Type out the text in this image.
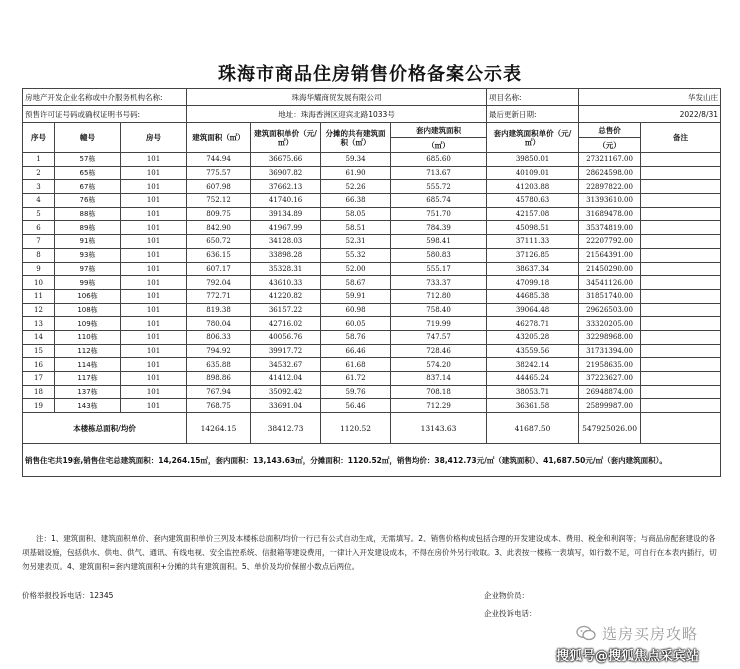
珠海市商品住房销售价格备案公示表
房地产开发企业名称或中介服务机构名称:			珠海华耀商贸发展有限公司				项目名称:	华发山庄	
预售许可证号码或确权证明书号码:			地址：珠海香洲区迎宾北路1033号				最后更新日期:	2022/8/31	
序号	幢号	房号	建筑面积（㎡）	建筑面积单价（元/㎡）	分摊的共有建筑面积（㎡）	套内建筑面积	套内建筑面积单价（元/㎡）	总售价	备注
						（㎡）		（元）	
1	57栋	101	744.94	36675.66	59.34	685.60	39850.01	27321167.00	
2	65栋	101	775.57	36907.82	61.90	713.67	40109.01	28624598.00	
3	67栋	101	607.98	37662.13	52.26	555.72	41203.88	22897822.00	
4	76栋	101	752.12	41740.16	66.38	685.74	45780.63	31393610.00	
5	88栋	101	809.75	39134.89	58.05	751.70	42157.08	31689478.00	
6	89栋	101	842.90	41967.99	58.51	784.39	45098.51	35374819.00	
7	91栋	101	650.72	34128.03	52.31	598.41	37111.33	22207792.00	
8	93栋	101	636.15	33898.28	55.32	580.83	37126.85	21564391.00	
9	97栋	101	607.17	35328.31	52.00	555.17	38637.34	21450290.00	
10	99栋	101	792.04	43610.33	58.67	733.37	47099.18	34541126.00	
11	106栋	101	772.71	41220.82	59.91	712.80	44685.38	31851740.00	
12	108栋	101	819.38	36157.22	60.98	758.40	39064.48	29626503.00	
13	109栋	101	780.04	42716.02	60.05	719.99	46278.71	33320205.00	
14	110栋	101	806.33	40056.76	58.76	747.57	43205.28	32298968.00	
15	112栋	101	794.92	39917.72	66.46	728.46	43559.56	31731394.00	
16	114栋	101	635.88	34532.67	61.68	574.20	38242.14	21958635.00	
17	117栋	101	898.86	41412.04	61.72	837.14	44465.24	37223627.00	
18	137栋	101	767.94	35092.42	59.76	708.18	38053.71	26948874.00	
19	143栋	101	768.75	33691.04	56.46	712.29	36361.58	25899987.00	
本楼栋总面积/均价			14264.15	38412.73	1120.52	13143.63	41687.50	547925026.00	
销售住宅共19套,销售住宅总建筑面积：14,264.15㎡，套内面积：13,143.63㎡，分摊面积：1120.52㎡，销售均价：38,412.73元/㎡（建筑面积）、41,687.50元/㎡（套内建筑面积）。									
注：1、建筑面积、建筑面积单价、套内建筑面积单价三列及本楼栋总面积/均价一行已有公式自动生成，无需填写。2、销售价格构成包括合理的开发建设成本、费用、税金和利润等；与商品房配套建设的各项基础设施，包括供水、供电、供气、通讯、有线电视、安全监控系统、信报箱等建设费用，一律计入开发建设成本，不得在房价外另行收取。3、此表按一楼栋一表填写，如行数不足，可自行在本表内插行，切勿另建表页。4、建筑面积=套内建筑面积+分摊的共有建筑面积。5、单价及均价保留小数点后两位。
价格举报投诉电话：12345	企业物价员：
企业投诉电话：
选房买房攻略
搜狐号@搜狐焦点采宾站
